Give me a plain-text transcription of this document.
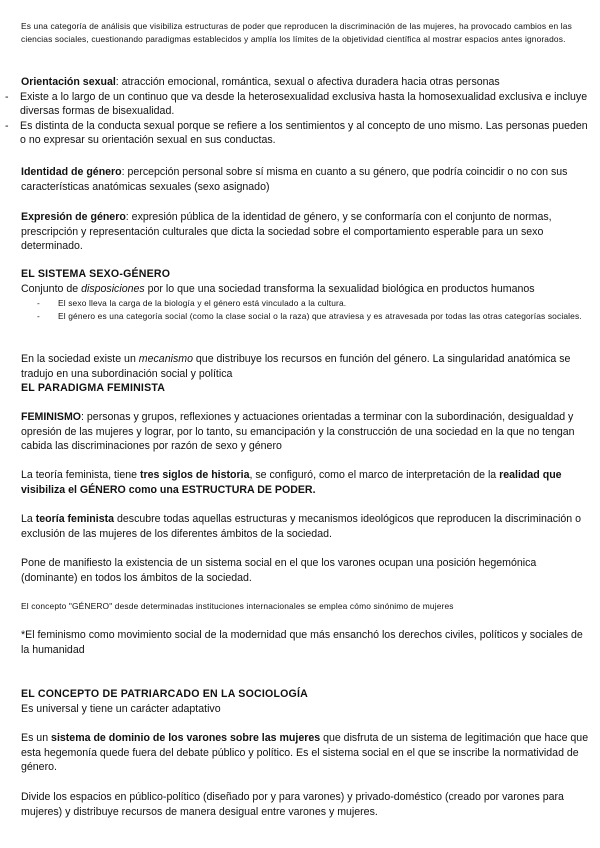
Es una categoría de análisis que visibiliza estructuras de poder que reproducen la discriminación de las mujeres, ha provocado cambios en las ciencias sociales, cuestionando paradigmas establecidos y amplía los límites de la objetividad científica al mostrar espacios antes ignorados.

Orientación sexual: atracción emocional, romántica, sexual o afectiva duradera hacia otras personas

- Existe a lo largo de un continuo que va desde la heterosexualidad exclusiva hasta la homosexualidad exclusiva e incluye diversas formas de bisexualidad.
- Es distinta de la conducta sexual porque se refiere a los sentimientos y al concepto de uno mismo. Las personas pueden o no expresar su orientación sexual en sus conductas.

Identidad de género: percepción personal sobre sí misma en cuanto a su género, que podría coincidir o no con sus características anatómicas sexuales (sexo asignado)

Expresión de género: expresión pública de la identidad de género, y se conformaría con el conjunto de normas, prescripción y representación culturales que dicta la sociedad sobre el comportamiento esperable para un sexo determinado.

EL SISTEMA SEXO-GÉNERO

Conjunto de disposiciones por lo que una sociedad transforma la sexualidad biológica en productos humanos

- El sexo lleva la carga de la biología y el género está vinculado a la cultura.
- El género es una categoría social (como la clase social o la raza) que atraviesa y es atravesada por todas las otras categorías sociales.

En la sociedad existe un mecanismo que distribuye los recursos en función del género. La singularidad anatómica se tradujo en una subordinación social y política

EL PARADIGMA FEMINISTA

FEMINISMO: personas y grupos, reflexiones y actuaciones orientadas a terminar con la subordinación, desigualdad y opresión de las mujeres y lograr, por lo tanto, su emancipación y la construcción de una sociedad en la que no tengan cabida las discriminaciones por razón de sexo y género

La teoría feminista, tiene tres siglos de historia, se configuró, como el marco de interpretación de la realidad que visibiliza el GÉNERO como una ESTRUCTURA DE PODER.

La teoría feminista descubre todas aquellas estructuras y mecanismos ideológicos que reproducen la discriminación o exclusión de las mujeres de los diferentes ámbitos de la sociedad.

Pone de manifiesto la existencia de un sistema social en el que los varones ocupan una posición hegemónica (dominante) en todos los ámbitos de la sociedad.

El concepto "GÉNERO" desde determinadas instituciones internacionales se emplea cómo sinónimo de mujeres

*El feminismo como movimiento social de la modernidad que más ensanchó los derechos civiles, políticos y sociales de la humanidad

EL CONCEPTO DE PATRIARCADO EN LA SOCIOLOGÍA

Es universal y tiene un carácter adaptativo

Es un sistema de dominio de los varones sobre las mujeres que disfruta de un sistema de legitimación que hace que esta hegemonía quede fuera del debate público y político. Es el sistema social en el que se inscribe la normatividad de género.

Divide los espacios en público-político (diseñado por y para varones) y privado-doméstico (creado por varones para mujeres) y distribuye recursos de manera desigual entre varones y mujeres.
